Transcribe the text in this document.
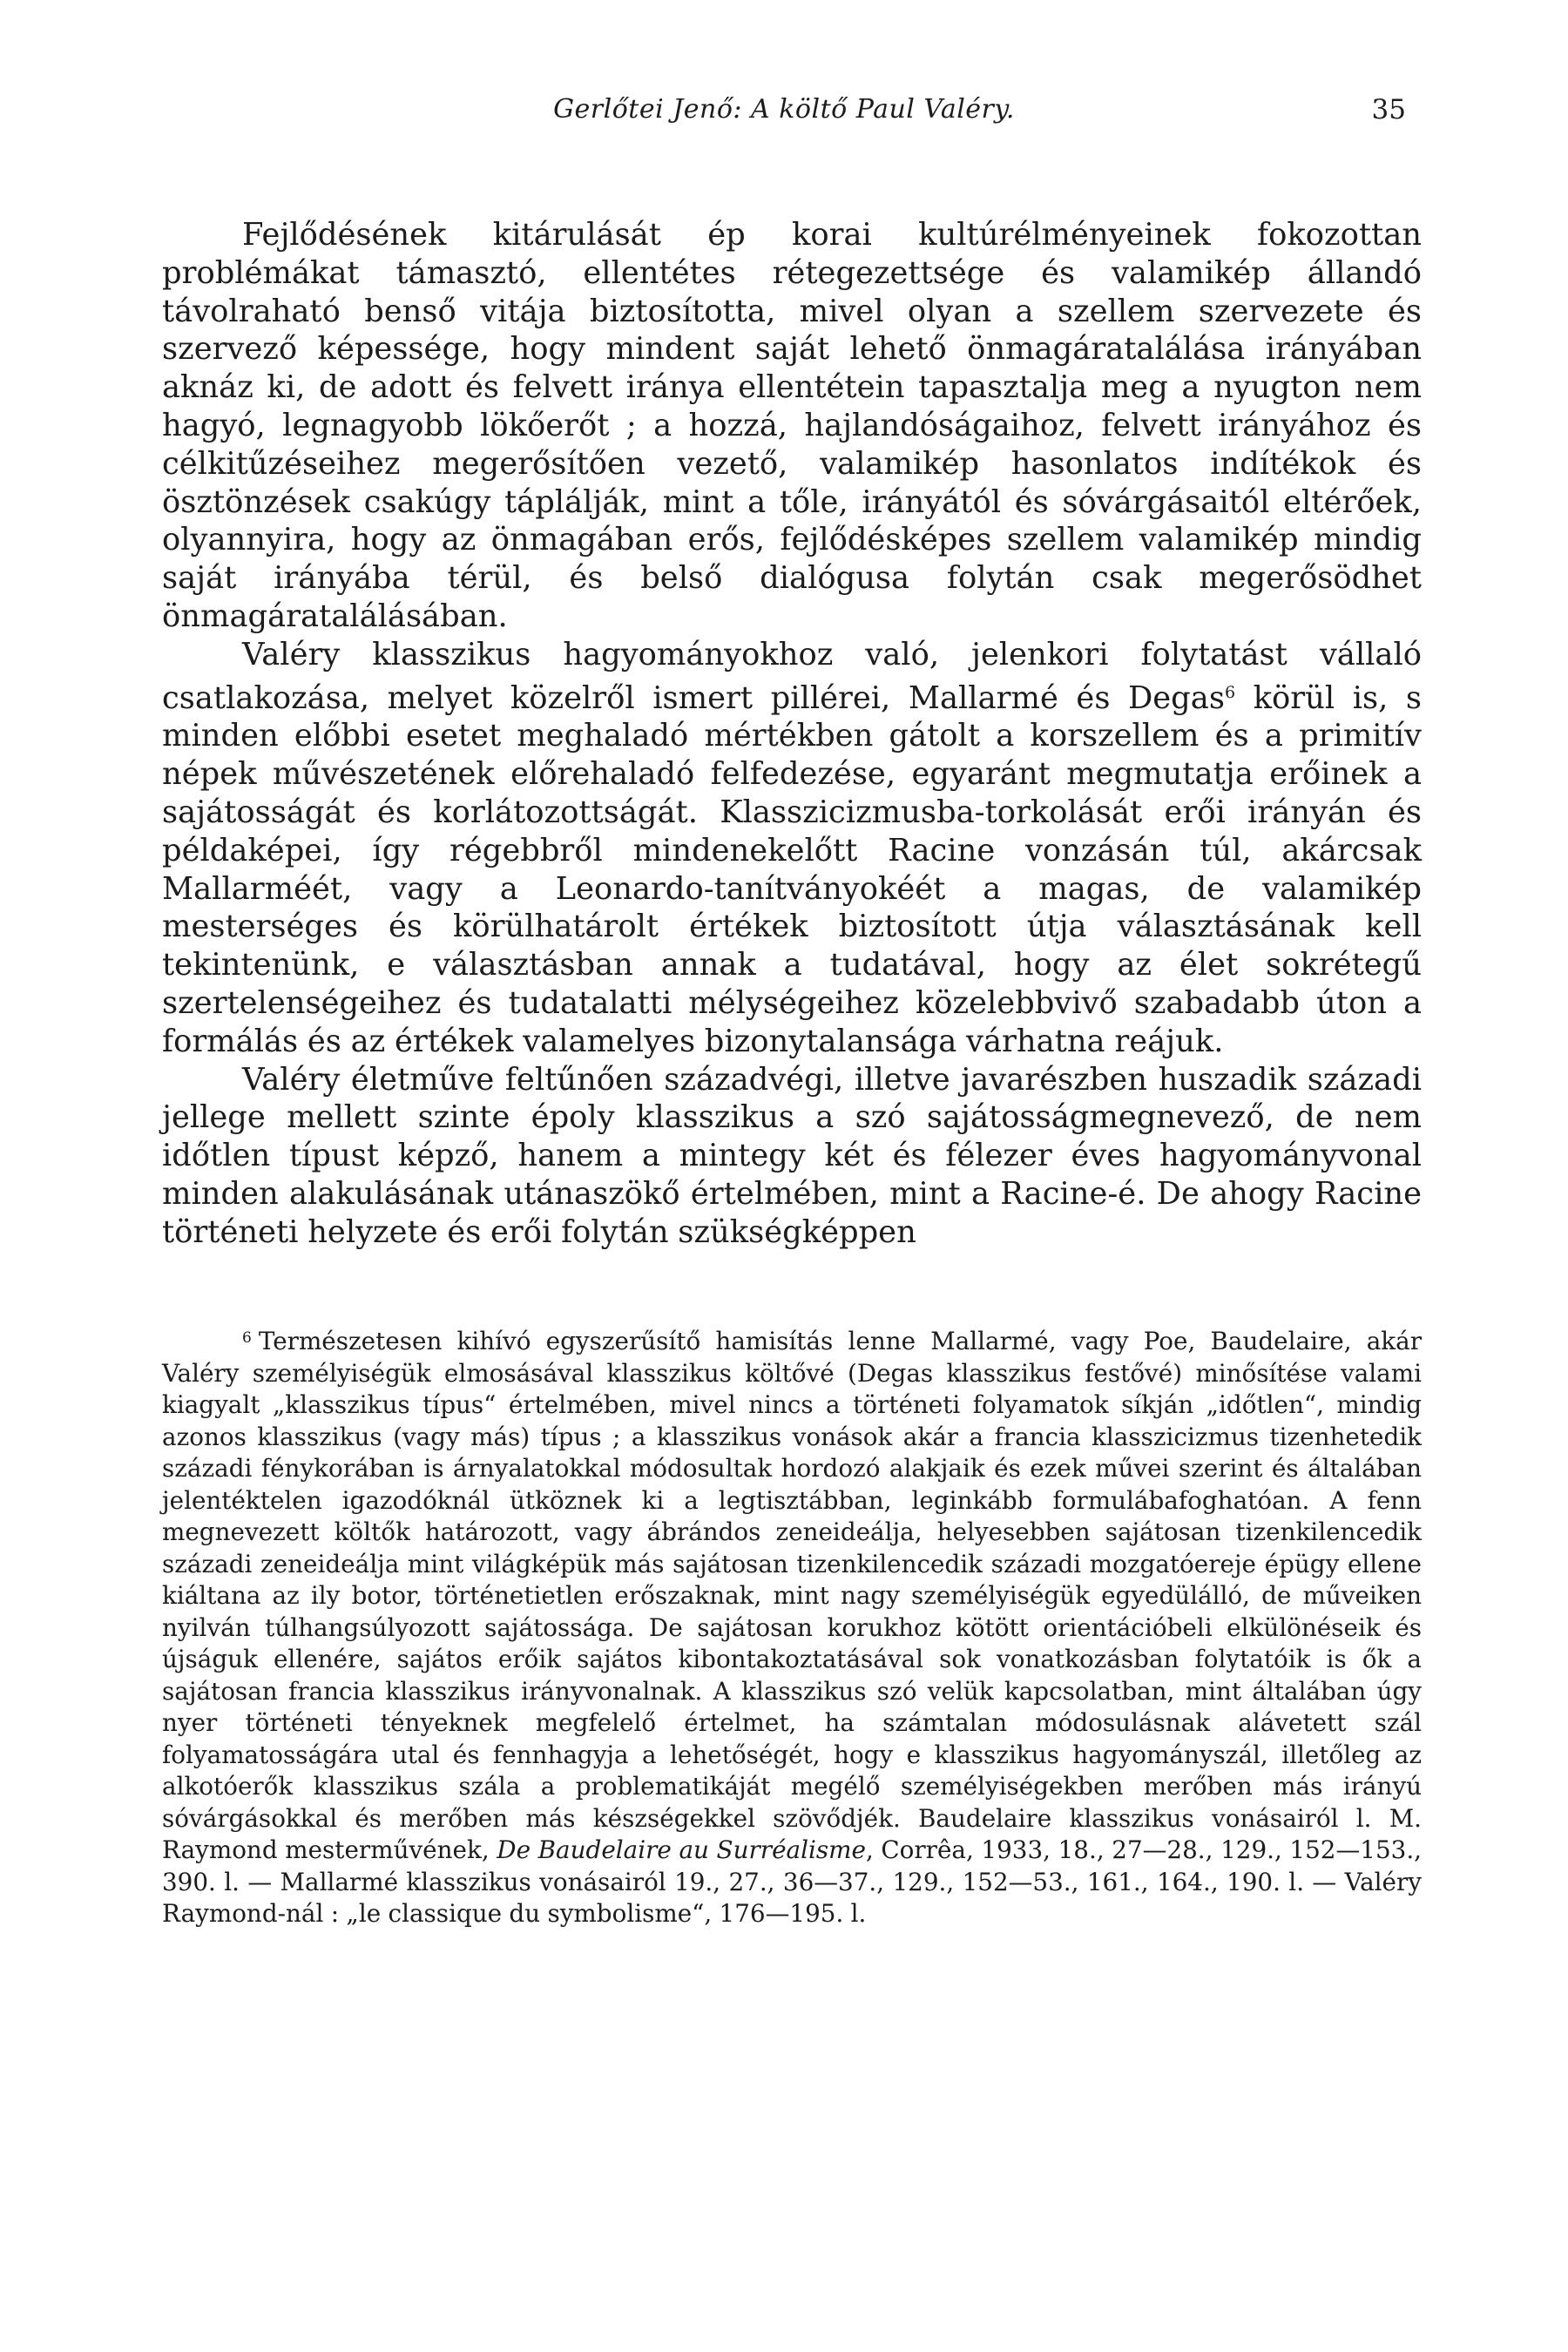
Gerlőtei Jenő: A költő Paul Valéry.	35

Fejlődésének kitárulását ép korai kultúrélményeinek fokozottan problémákat támasztó, ellentétes rétegezettsége és valamikép állandó távolraható benső vitája biztosította, mivel olyan a szellem szervezete és szervező képessége, hogy mindent saját lehető önmagáratalálása irányában aknáz ki, de adott és felvett iránya ellentétein tapasztalja meg a nyugton nem hagyó, legnagyobb lökőerőt ; a hozzá, hajlandóságaihoz, felvett irányához és célkitűzéseihez megerősítően vezető, valamikép hasonlatos indítékok és ösztönzések csakúgy táplálják, mint a tőle, irányától és sóvárgásaitól eltérőek, olyannyira, hogy az önmagában erős, fejlődésképes szellem valamikép mindig saját irányába térül, és belső dialógusa folytán csak megerősödhet önmagáratalálásában.

Valéry klasszikus hagyományokhoz való, jelenkori folytatást vállaló csatlakozása, melyet közelről ismert pillérei, Mallarmé és Degas$^6$ körül is, s minden előbbi esetet meghaladó mértékben gátolt a korszellem és a primitív népek művészetének előrehaladó felfedezése, egyaránt megmutatja erőinek a sajátosságát és korlátozottságát. Klasszicizmusba-torkolását erői irányán és példaképei, így régebbről mindenekelőtt Racine vonzásán túl, akárcsak Mallarméét, vagy a Leonardo-tanítványokéét a magas, de valamikép mesterséges és körülhatárolt értékek biztosított útja választásának kell tekintenünk, e választásban annak a tudatával, hogy az élet sokrétegű szertelenségeihez és tudatalatti mélységeihez közelebbvivő szabadabb úton a formálás és az értékek valamelyes bizonytalansága várhatna reájuk.

Valéry életműve feltűnően századvégi, illetve javarészben huszadik századi jellege mellett szinte époly klasszikus a szó sajátosságmegnevező, de nem időtlen típust képző, hanem a mintegy két és félezer éves hagyományvonal minden alakulásának utánaszökő értelmében, mint a Racine-é. De ahogy Racine történeti helyzete és erői folytán szükségképpen

$^6$ Természetesen kihívó egyszerűsítő hamisítás lenne Mallarmé, vagy Poe, Baudelaire, akár Valéry személyiségük elmosásával klasszikus költővé (Degas klasszikus festővé) minősítése valami kiagyalt „klasszikus típus“ értelmében, mivel nincs a történeti folyamatok síkján „időtlen“, mindig azonos klasszikus (vagy más) típus ; a klasszikus vonások akár a francia klasszicizmus tizenhetedik századi fénykorában is árnyalatokkal módosultak hordozó alakjaik és ezek művei szerint és általában jelentéktelen igazodóknál ütköznek ki a legtisztábban, leginkább formulábafoghatóan. A fenn megnevezett költők határozott, vagy ábrándos zeneideálja, helyesebben sajátosan tizenkilencedik századi zeneideálja mint világképük más sajátosan tizenkilencedik századi mozgatóereje épügy ellene kiáltana az ily botor, történetietlen erőszaknak, mint nagy személyiségük egyedülálló, de műveiken nyilván túlhangsúlyozott sajátossága. De sajátosan korukhoz kötött orientációbeli elkülönéseik és újságuk ellenére, sajátos erőik sajátos kibontakoztatásával sok vonatkozásban folytatóik is ők a sajátosan francia klasszikus irányvonalnak. A klasszikus szó velük kapcsolatban, mint általában úgy nyer történeti tényeknek megfelelő értelmet, ha számtalan módosulásnak alávetett szál folyamatosságára utal és fennhagyja a lehetőségét, hogy e klasszikus hagyományszál, illetőleg az alkotóerők klasszikus szála a problematikáját megélő személyiségekben merőben más irányú sóvárgásokkal és merőben más készségekkel szövődjék. Baudelaire klasszikus vonásairól l. M. Raymond mesterművének, De Baudelaire au Surréalisme, Corrêa, 1933, 18., 27—28., 129., 152—153., 390. l. — Mallarmé klasszikus vonásairól 19., 27., 36—37., 129., 152—53., 161., 164., 190. l. — Valéry Raymond-nál : „le classique du symbolisme“, 176—195. l.
